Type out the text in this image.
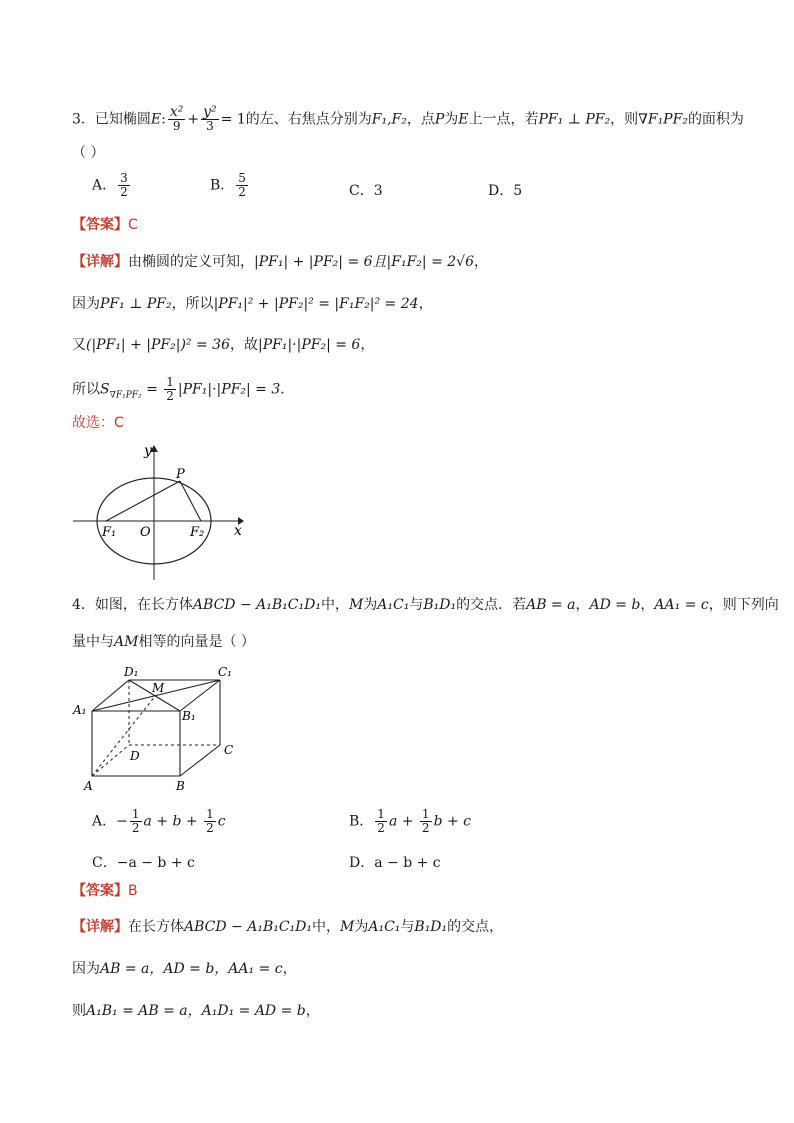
3．已知椭圆E: $\frac{\text{x²}}{9} + \frac{\text{y²}}{3} = 1$的左、右焦点分别为F₁,F₂，点P为E上一点，若PF₁ ⊥ PF₂，则∇F₁PF₂的面积为
（ ）
A． $\frac{3}{2}$	B． $\frac{5}{2}$	C．3	D．5
【答案】C
【详解】由椭圆的定义可知，|PF₁| + |PF₂| = 6且|F₁F₂| = 2√6，
因为PF₁ ⊥ PF₂，所以|PF₁|² + |PF₂|² = |F₁F₂|² = 24，
又(|PF₁| + |PF₂|)² = 36，故|PF₁|·|PF₂| = 6，
所以$S_{\nabla F_1PF_2} = \frac{1}{2} |PF_1|\cdot|PF_2| = 3$．
故选：C
y
P
F₁ O	F₂ x
4．如图，在长方体ABCD − A₁B₁C₁D₁中，M为A₁C₁与B₁D₁的交点．若AB = a，AD = b，AA₁ = c，则下列向
量中与AM相等的向量是（ ）
D₁	C₁
M
A₁	B₁
C
D
A	B
A．− $\frac{1}{2}$ $a + b + \frac{1}{2}$ c	B． $\frac{1}{2}$ $a + \frac{1}{2}$ b + c
C．−a − b + c	D．a − b + c
【答案】B
【详解】在长方体ABCD − A₁B₁C₁D₁中，M为A₁C₁与B₁D₁的交点，
因为AB = a，AD = b，AA₁ = c，
则A₁B₁ = AB = a，A₁D₁ = AD = b，
